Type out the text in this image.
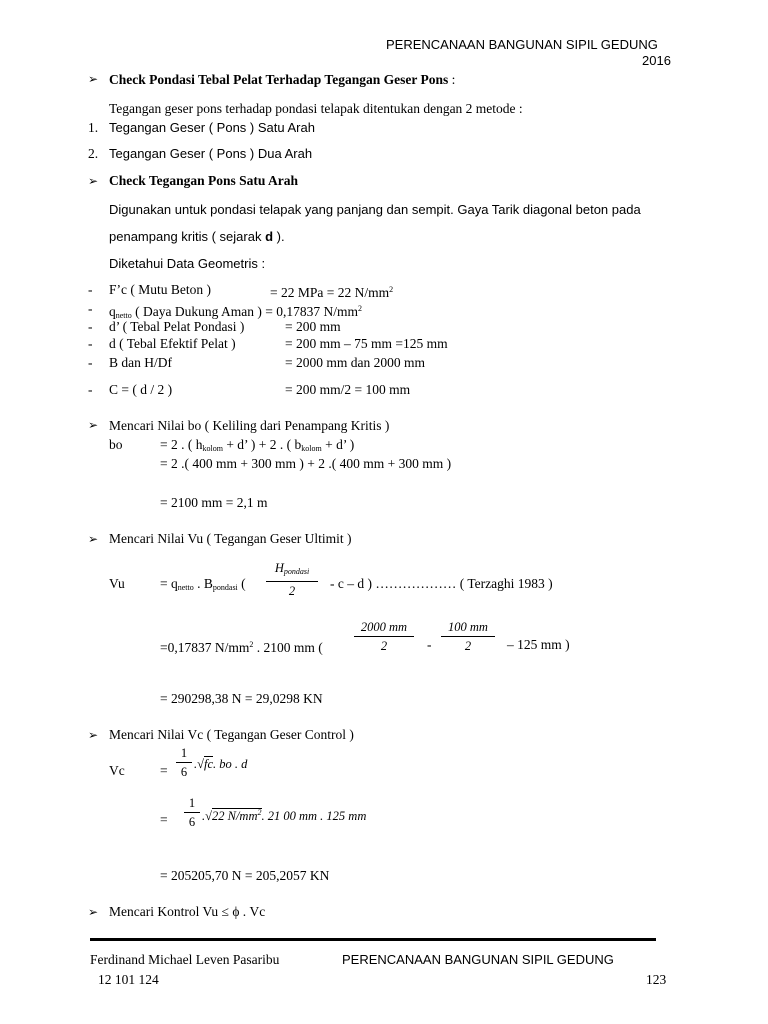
PERENCANAAN BANGUNAN SIPIL GEDUNG
2016
➢ Check Pondasi Tebal Pelat Terhadap Tegangan Geser Pons :
Tegangan geser pons terhadap pondasi telapak ditentukan dengan 2 metode :
1. Tegangan Geser ( Pons ) Satu Arah
2. Tegangan Geser ( Pons ) Dua Arah
➢ Check Tegangan Pons Satu Arah
Digunakan untuk pondasi telapak yang panjang dan sempit. Gaya Tarik diagonal beton pada
penampang kritis ( sejarak d ).
Diketahui Data Geometris :
- F’c ( Mutu Beton )	= 22 MPa = 22 $N/mm^2$
- $q_{netto}$ ( Daya Dukung Aman ) = 0,17837 $N/mm^2$
- d’ ( Tebal Pelat Pondasi )	= 200 mm
- d ( Tebal Efektif Pelat )	= 200 mm – 75 mm =125 mm
- B dan H/Df	= 2000 mm dan 2000 mm
- C = ( d / 2 )	= 200 mm/2 = 100 mm
➢ Mencari Nilai bo ( Keliling dari Penampang Kritis )
bo	= 2 . ( $h_{kolom} + d$’ ) + 2 . ( $b_{kolom} + d$’ )
= 2 .( 400 mm + 300 mm ) + 2 .( 400 mm + 300 mm )
= 2100 mm = 2,1 m
➢ Mencari Nilai Vu ( Tegangan Geser Ultimit )
Vu	= $q_{netto}$ . $B_{pondasi}$ (
$H_{pondasi}$
2	- c – d ) ……………… ( Terzaghi 1983 )
=0,17837 $N/mm^2$ . 2100 mm (	$\frac{2000 mm}{2} - \frac{100 mm}{2} - 125$ mm )
= 290298,38 N = 29,0298 KN
➢ Mencari Nilai Vc ( Tegangan Geser Control )
Vc	= $\frac{1}{6} .√fc$. bo . d
= $\frac{1}{6} .√22$ $N/mm^2$. 21 00 mm . 125 mm
= 205205,70 N = 205,2057 KN
➢ Mencari Kontrol Vu ≤ ϕ . Vc
Ferdinand Michael Leven Pasaribu	PERENCANAAN BANGUNAN SIPIL GEDUNG
12 101 124	123
